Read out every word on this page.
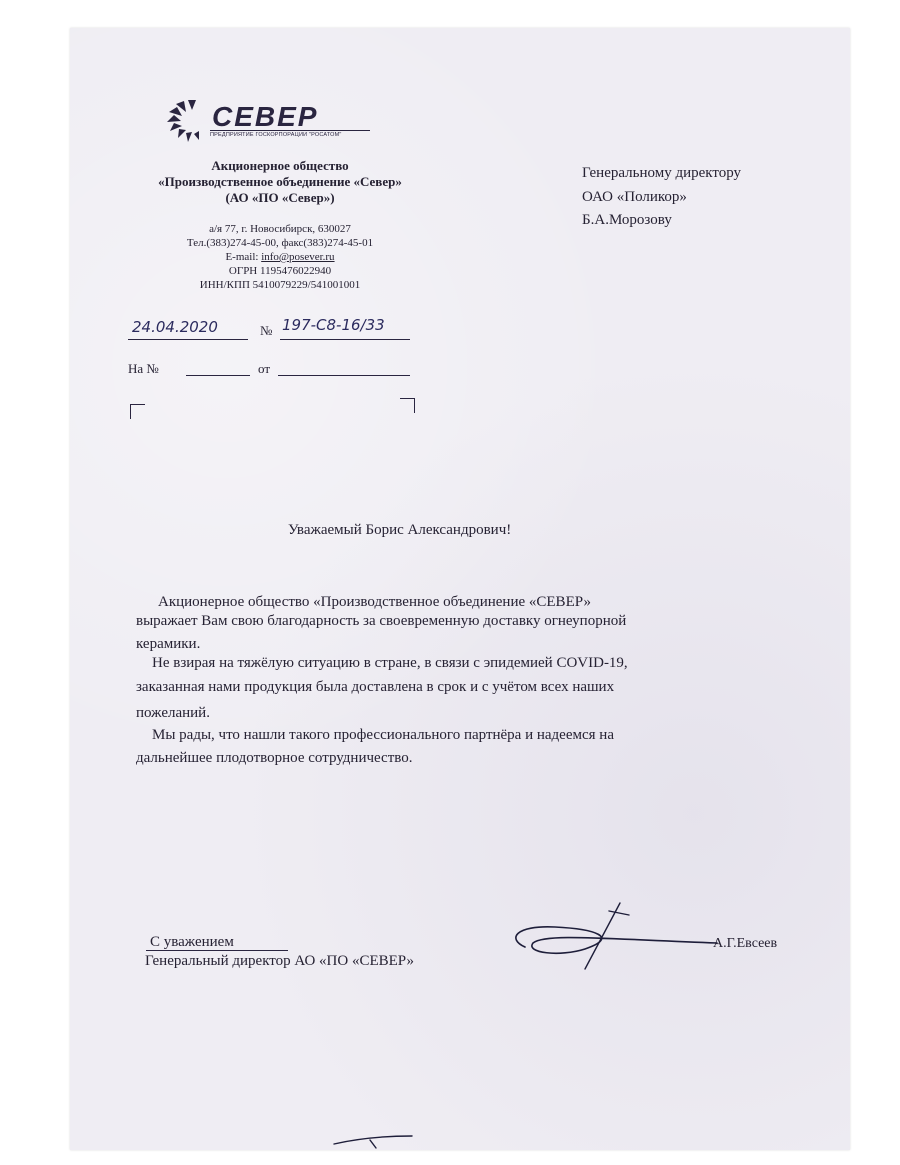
СЕВЕР
ПРЕДПРИЯТИЕ ГОСКОРПОРАЦИИ "РОСАТОМ"
Акционерное общество
«Производственное объединение «Север»
(АО «ПО «Север»)
а/я 77, г. Новосибирск, 630027
Тел.(383)274-45-00, факс(383)274-45-01
E-mail: info@posever.ru
ОГРН 1195476022940
ИНН/КПП 5410079229/541001001
Генеральному директору
ОАО «Поликор»
Б.А.Морозову
24.04.2020	№ 197-С8-16/33
На №	от
Уважаемый Борис Александрович!
Акционерное общество «Производственное объединение «СЕВЕР»
выражает Вам свою благодарность за своевременную доставку огнеупорной
керамики.
Не взирая на тяжёлую ситуацию в стране, в связи с эпидемией COVID-19,
заказанная нами продукция была доставлена в срок и с учётом всех наших
пожеланий.
Мы рады, что нашли такого профессионального партнёра и надеемся на
дальнейшее плодотворное сотрудничество.
С уважением
Генеральный директор АО «ПО «СЕВЕР»
А.Г.Евсеев
